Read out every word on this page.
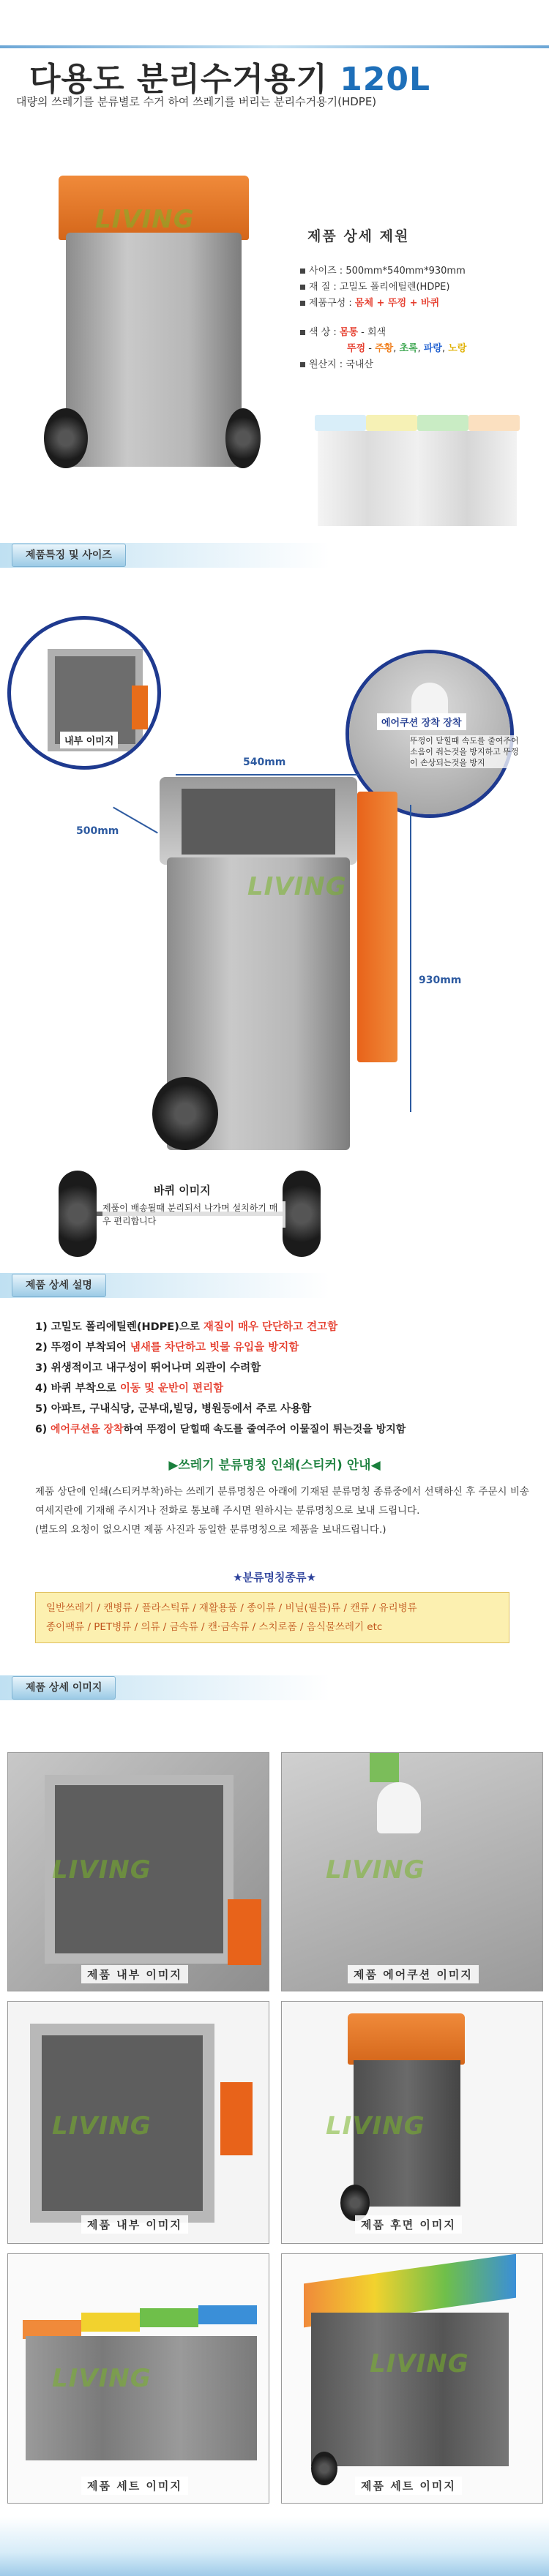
다용도 분리수거용기 120L
대량의 쓰레기를 분류별로 수거 하여 쓰레기를 버리는 분리수거용기(HDPE)
LIVING
제품 상세 제원
사이즈 : 500mm*540mm*930mm
재 질 : 고밀도 폴리에틸렌(HDPE)
제품구성 : 몸체 + 뚜껑 + 바퀴
색 상 : 몸통 - 회색
뚜껑 - 주황, 초록, 파랑, 노랑
원산지 : 국내산
제품특징 및 사이즈
내부 이미지
에어쿠션 장착 장착
뚜껑이 닫힐때 속도를 줄여주어 소음이 줘는것을 방지하고 뚜껑이 손상되는것을 방지
540mm
500mm
930mm
LIVING
바퀴 이미지
제품이 배송될때 분리되서 나가며 설치하기 매우 편리합니다
제품 상세 설명
1) 고밀도 폴리에틸렌(HDPE)으로 재질이 매우 단단하고 견고함
2) 뚜껑이 부착되어 냄새를 차단하고 빗물 유입을 방지함
3) 위생적이고 내구성이 뛰어나며 외관이 수려함
4) 바퀴 부착으로 이동 및 운반이 편리함
5) 아파트, 구내식당, 군부대,빌딩, 병원등에서 주로 사용함
6) 에어쿠션을 장착하여 뚜껑이 닫힐때 속도를 줄여주어 이물질이 튀는것을 방지함
▶쓰레기 분류명칭 인쇄(스티커) 안내◀
제품 상단에 인쇄(스티커부착)하는 쓰레기 분류명칭은 아래에 기재된 분류명칭 종류중에서 선택하신 후 주문시 비송여세지란에 기재해 주시거나 전화로 통보해 주시면 원하시는 분류명칭으로 보내 드립니다.
(별도의 요청이 없으시면 제품 사진과 동일한 분류명칭으로 제품을 보내드립니다.)
★분류명칭종류★
일반쓰레기 / 캔병류 / 플라스틱류 / 재활용품 / 종이류 / 비닐(필름)류 / 캔류 / 유리병류
종이팩류 / PET병류 / 의류 / 금속류 / 캔·금속류 / 스치로폼 / 음식물쓰레기 etc
제품 상세 이미지
LIVING
제품 내부 이미지
LIVING
제품 에어쿠션 이미지
LIVING
제품 내부 이미지
LIVING
제품 후면 이미지
LIVING
제품 세트 이미지
LIVING
제품 세트 이미지
